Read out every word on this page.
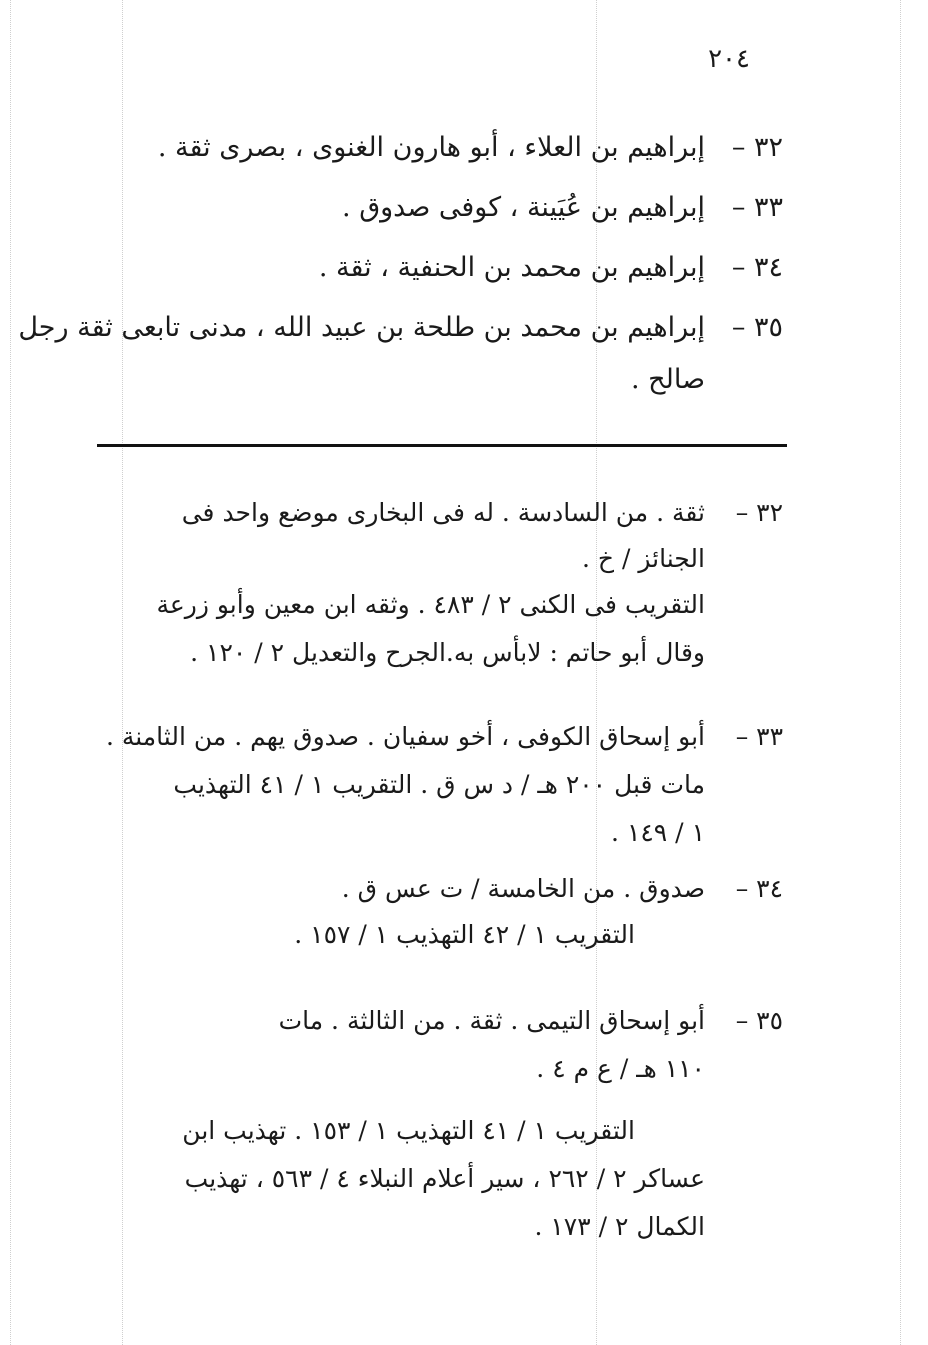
٢٠٤
٣٢ –
إبراهيم بن العلاء ، أبو هارون الغنوى ، بصرى ثقة .
٣٣ –
إبراهيم بن عُيَينة ، كوفى صدوق .
٣٤ –
إبراهيم بن محمد بن الحنفية ، ثقة .
٣٥ –
إبراهيم بن محمد بن طلحة بن عبيد الله ، مدنى تابعى ثقة رجل
صالح .
٣٢ –
ثقة . من السادسة . له فى البخارى موضع واحد فى
الجنائز / خ .
التقريب فى الكنى ٢ / ٤٨٣ . وثقه ابن معين وأبو زرعة
وقال أبو حاتم : لابأس به.الجرح والتعديل ٢ / ١٢٠ .
٣٣ –
أبو إسحاق الكوفى ، أخو سفيان . صدوق يهم . من الثامنة .
مات قبل ٢٠٠ هـ / د س ق . التقريب ١ / ٤١ التهذيب
١ / ١٤٩ .
٣٤ –
صدوق . من الخامسة / ت عس ق .
التقريب ١ / ٤٢ التهذيب ١ / ١٥٧ .
٣٥ –
أبو إسحاق التيمى . ثقة . من الثالثة . مات
١١٠ هـ / ع م ٤ .
التقريب ١ / ٤١ التهذيب ١ / ١٥٣ . تهذيب ابن
عساكر ٢ / ٢٦٢ ، سير أعلام النبلاء ٤ / ٥٦٣ ، تهذيب
الكمال ٢ / ١٧٣ .
